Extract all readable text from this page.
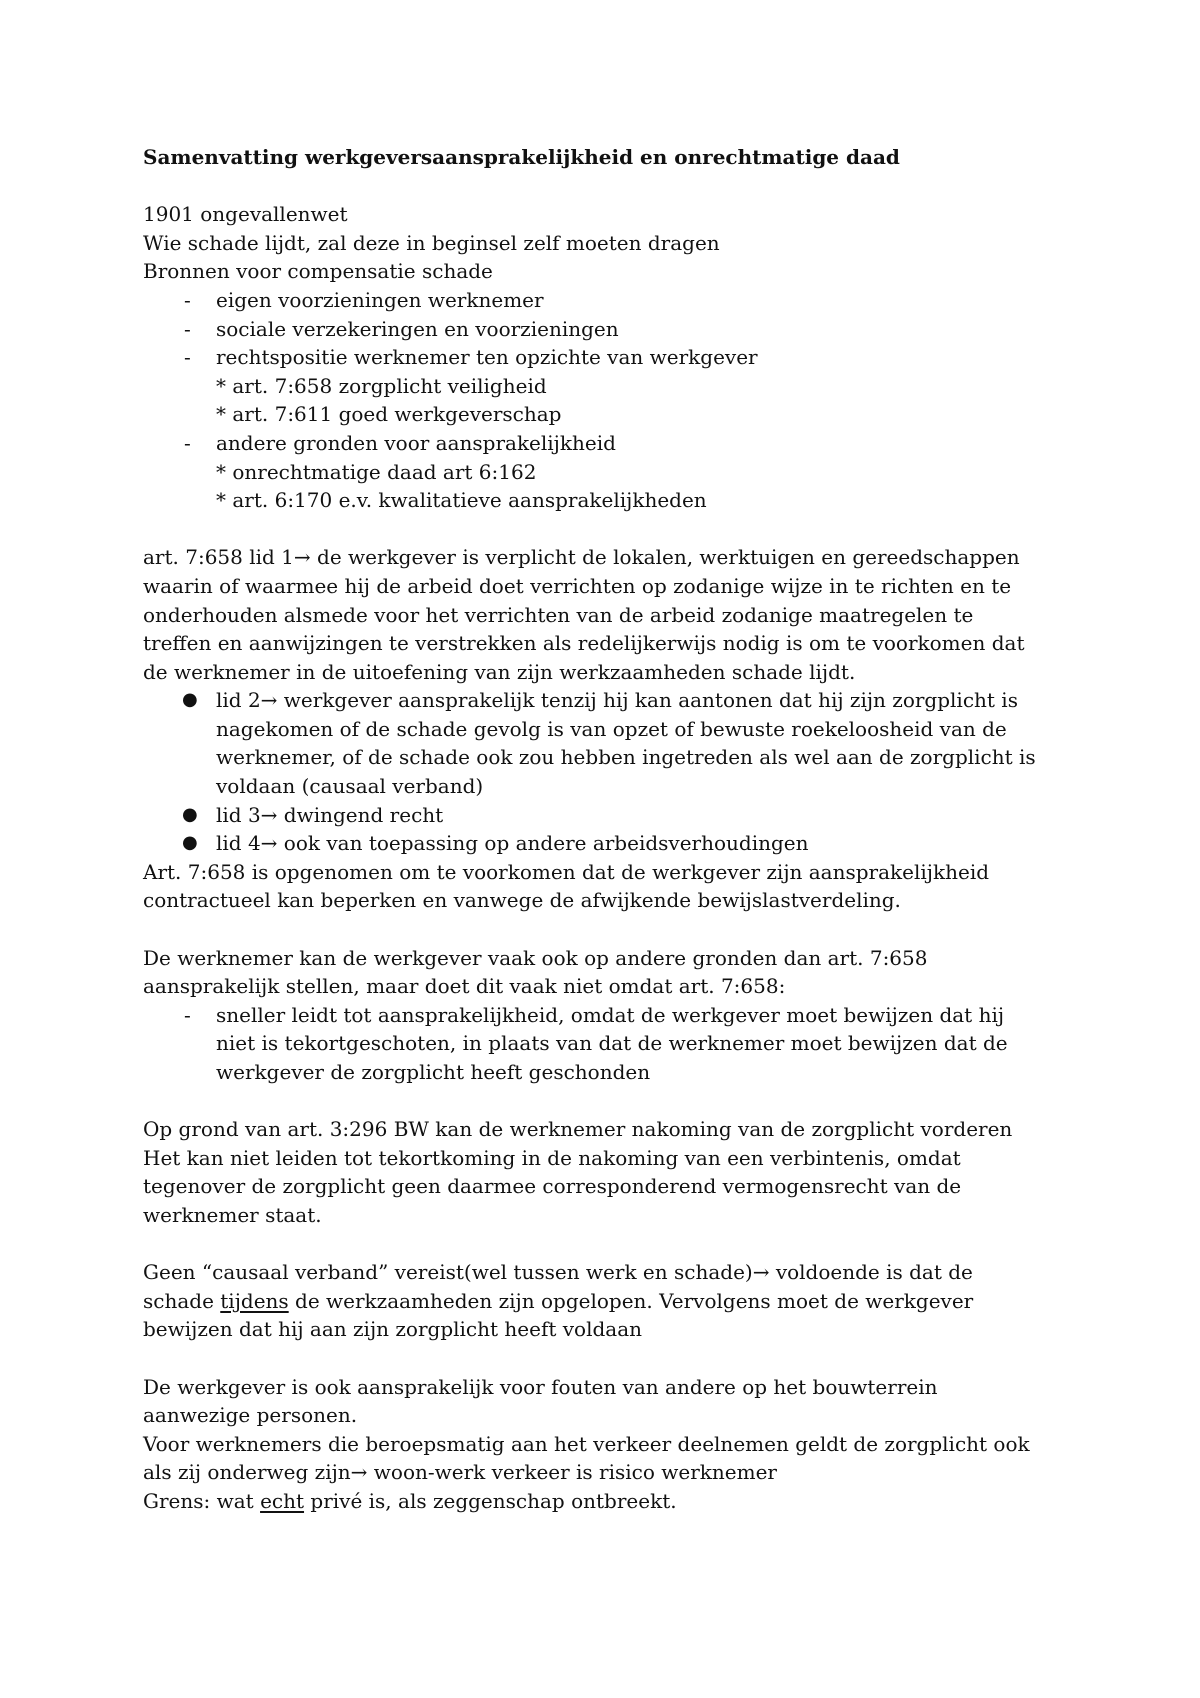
Samenvatting werkgeversaansprakelijkheid en onrechtmatige daad
1901 ongevallenwet
Wie schade lijdt, zal deze in beginsel zelf moeten dragen
Bronnen voor compensatie schade
- eigen voorzieningen werknemer
- sociale verzekeringen en voorzieningen
- rechtspositie werknemer ten opzichte van werkgever
* art. 7:658 zorgplicht veiligheid
* art. 7:611 goed werkgeverschap
- andere gronden voor aansprakelijkheid
* onrechtmatige daad art 6:162
* art. 6:170 e.v. kwalitatieve aansprakelijkheden
art. 7:658 lid 1→ de werkgever is verplicht de lokalen, werktuigen en gereedschappen
waarin of waarmee hij de arbeid doet verrichten op zodanige wijze in te richten en te
onderhouden alsmede voor het verrichten van de arbeid zodanige maatregelen te
treffen en aanwijzingen te verstrekken als redelijkerwijs nodig is om te voorkomen dat
de werknemer in de uitoefening van zijn werkzaamheden schade lijdt.
● lid 2→ werkgever aansprakelijk tenzij hij kan aantonen dat hij zijn zorgplicht is
nagekomen of de schade gevolg is van opzet of bewuste roekeloosheid van de
werknemer, of de schade ook zou hebben ingetreden als wel aan de zorgplicht is
voldaan (causaal verband)
● lid 3→ dwingend recht
● lid 4→ ook van toepassing op andere arbeidsverhoudingen
Art. 7:658 is opgenomen om te voorkomen dat de werkgever zijn aansprakelijkheid
contractueel kan beperken en vanwege de afwijkende bewijslastverdeling.
De werknemer kan de werkgever vaak ook op andere gronden dan art. 7:658
aansprakelijk stellen, maar doet dit vaak niet omdat art. 7:658:
- sneller leidt tot aansprakelijkheid, omdat de werkgever moet bewijzen dat hij
niet is tekortgeschoten, in plaats van dat de werknemer moet bewijzen dat de
werkgever de zorgplicht heeft geschonden
Op grond van art. 3:296 BW kan de werknemer nakoming van de zorgplicht vorderen
Het kan niet leiden tot tekortkoming in de nakoming van een verbintenis, omdat
tegenover de zorgplicht geen daarmee corresponderend vermogensrecht van de
werknemer staat.
Geen “causaal verband” vereist(wel tussen werk en schade)→ voldoende is dat de
schade tijdens de werkzaamheden zijn opgelopen. Vervolgens moet de werkgever
bewijzen dat hij aan zijn zorgplicht heeft voldaan
De werkgever is ook aansprakelijk voor fouten van andere op het bouwterrein
aanwezige personen.
Voor werknemers die beroepsmatig aan het verkeer deelnemen geldt de zorgplicht ook
als zij onderweg zijn→ woon-werk verkeer is risico werknemer
Grens: wat echt privé is, als zeggenschap ontbreekt.
